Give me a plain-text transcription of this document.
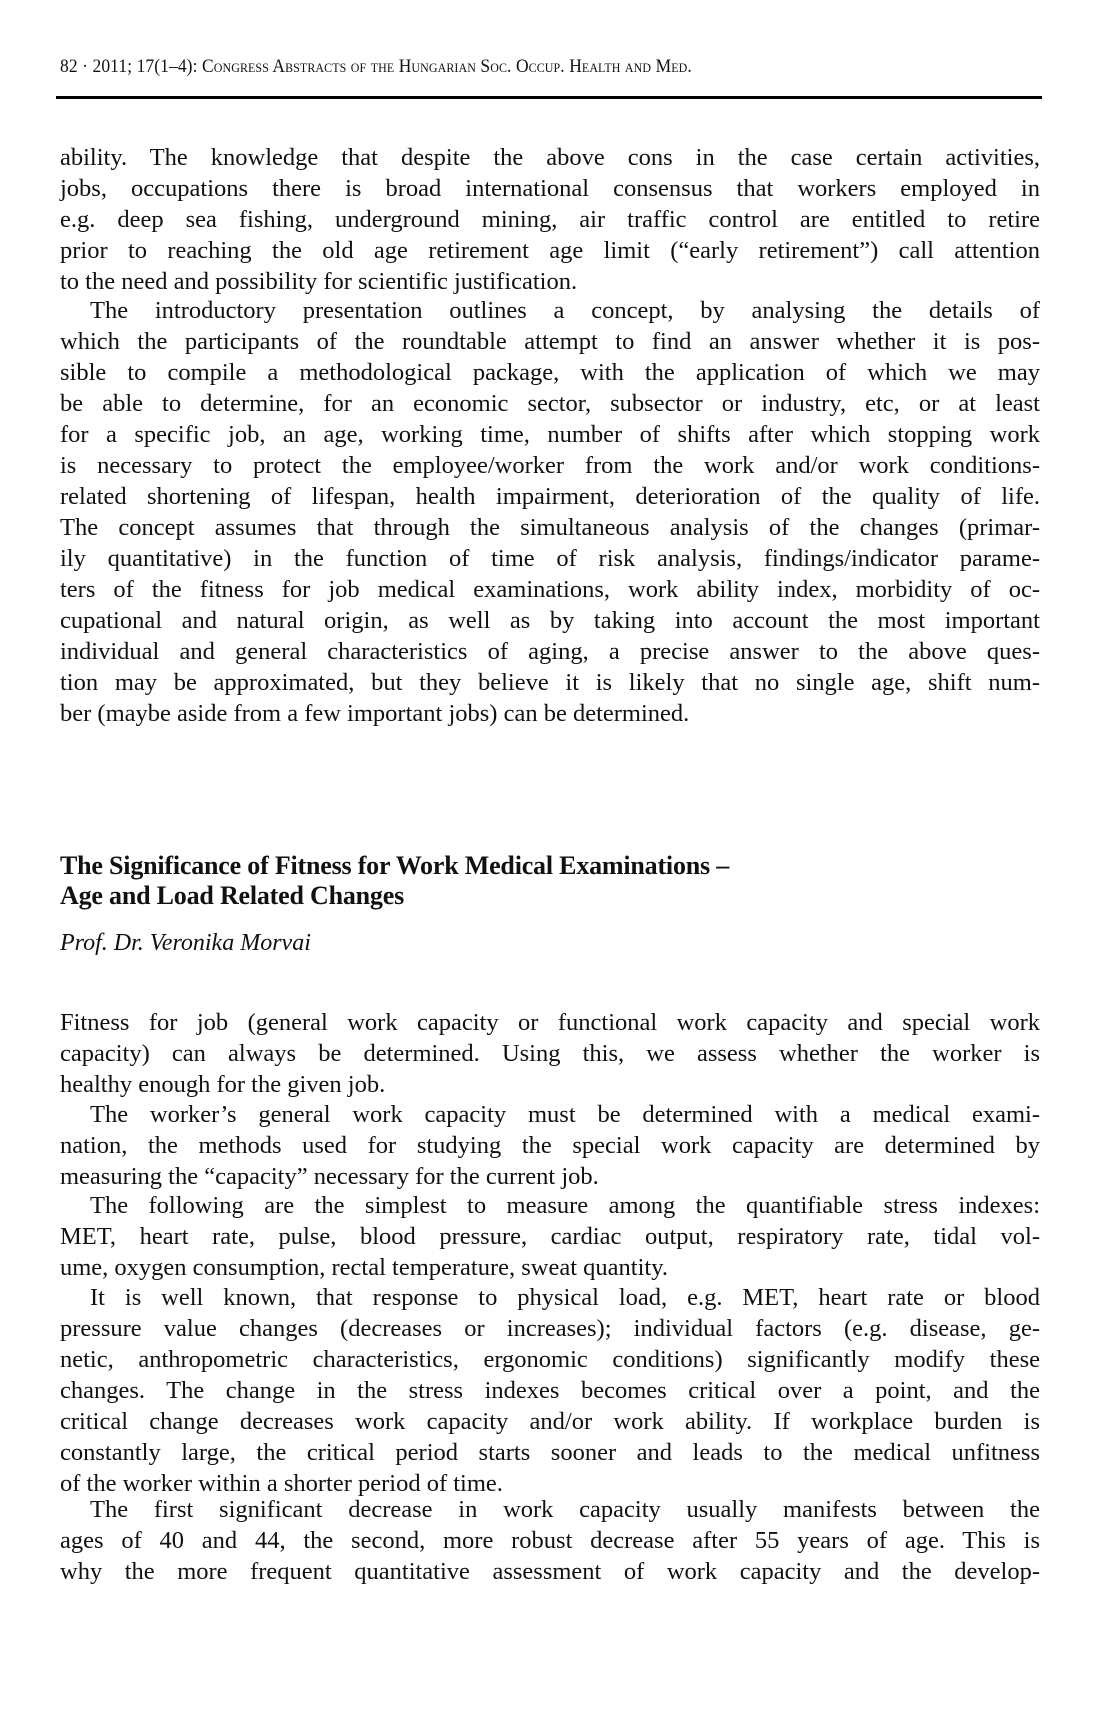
82 · 2011; 17(1–4): Congress Abstracts of the Hungarian Soc. Occup. Health and Med.
ability. The knowledge that despite the above cons in the case certain activities,
jobs, occupations there is broad international consensus that workers employed in
e.g. deep sea fishing, underground mining, air traffic control are entitled to retire
prior to reaching the old age retirement age limit (“early retirement”) call attention
to the need and possibility for scientific justification.
The introductory presentation outlines a concept, by analysing the details of
which the participants of the roundtable attempt to find an answer whether it is pos-
sible to compile a methodological package, with the application of which we may
be able to determine, for an economic sector, subsector or industry, etc, or at least
for a specific job, an age, working time, number of shifts after which stopping work
is necessary to protect the employee/worker from the work and/or work conditions-
related shortening of lifespan, health impairment, deterioration of the quality of life.
The concept assumes that through the simultaneous analysis of the changes (primar-
ily quantitative) in the function of time of risk analysis, findings/indicator parame-
ters of the fitness for job medical examinations, work ability index, morbidity of oc-
cupational and natural origin, as well as by taking into account the most important
individual and general characteristics of aging, a precise answer to the above ques-
tion may be approximated, but they believe it is likely that no single age, shift num-
ber (maybe aside from a few important jobs) can be determined.
The Significance of Fitness for Work Medical Examinations –
Age and Load Related Changes
Prof. Dr. Veronika Morvai
Fitness for job (general work capacity or functional work capacity and special work
capacity) can always be determined. Using this, we assess whether the worker is
healthy enough for the given job.
The worker’s general work capacity must be determined with a medical exami-
nation, the methods used for studying the special work capacity are determined by
measuring the “capacity” necessary for the current job.
The following are the simplest to measure among the quantifiable stress indexes:
MET, heart rate, pulse, blood pressure, cardiac output, respiratory rate, tidal vol-
ume, oxygen consumption, rectal temperature, sweat quantity.
It is well known, that response to physical load, e.g. MET, heart rate or blood
pressure value changes (decreases or increases); individual factors (e.g. disease, ge-
netic, anthropometric characteristics, ergonomic conditions) significantly modify these
changes. The change in the stress indexes becomes critical over a point, and the
critical change decreases work capacity and/or work ability. If workplace burden is
constantly large, the critical period starts sooner and leads to the medical unfitness
of the worker within a shorter period of time.
The first significant decrease in work capacity usually manifests between the
ages of 40 and 44, the second, more robust decrease after 55 years of age. This is
why the more frequent quantitative assessment of work capacity and the develop-
